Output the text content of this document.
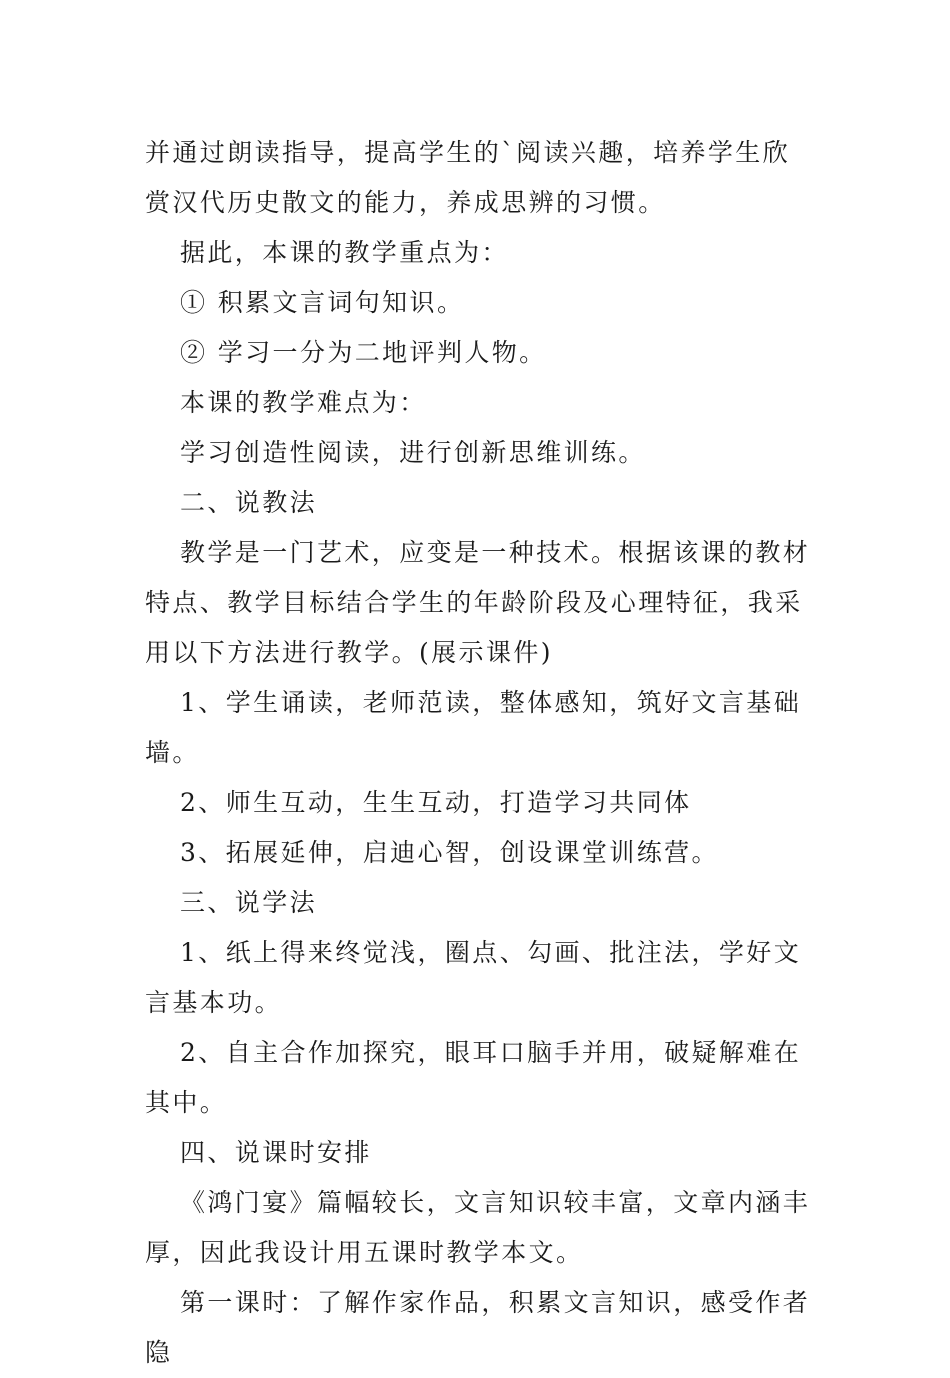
并通过朗读指导，提高学生的`阅读兴趣，培养学生欣赏汉代历史散文的能力，养成思辨的习惯。

据此，本课的教学重点为：

① 积累文言词句知识。

② 学习一分为二地评判人物。

本课的教学难点为：

学习创造性阅读，进行创新思维训练。

二、说教法

教学是一门艺术，应变是一种技术。根据该课的教材特点、教学目标结合学生的年龄阶段及心理特征，我采用以下方法进行教学。(展示课件)

1、学生诵读，老师范读，整体感知，筑好文言基础墙。

2、师生互动，生生互动，打造学习共同体

3、拓展延伸，启迪心智，创设课堂训练营。

三、说学法

1、纸上得来终觉浅，圈点、勾画、批注法，学好文言基本功。

2、自主合作加探究，眼耳口脑手并用，破疑解难在其中。

四、说课时安排

《鸿门宴》篇幅较长，文言知识较丰富，文章内涵丰厚，因此我设计用五课时教学本文。

第一课时：了解作家作品，积累文言知识，感受作者隐
